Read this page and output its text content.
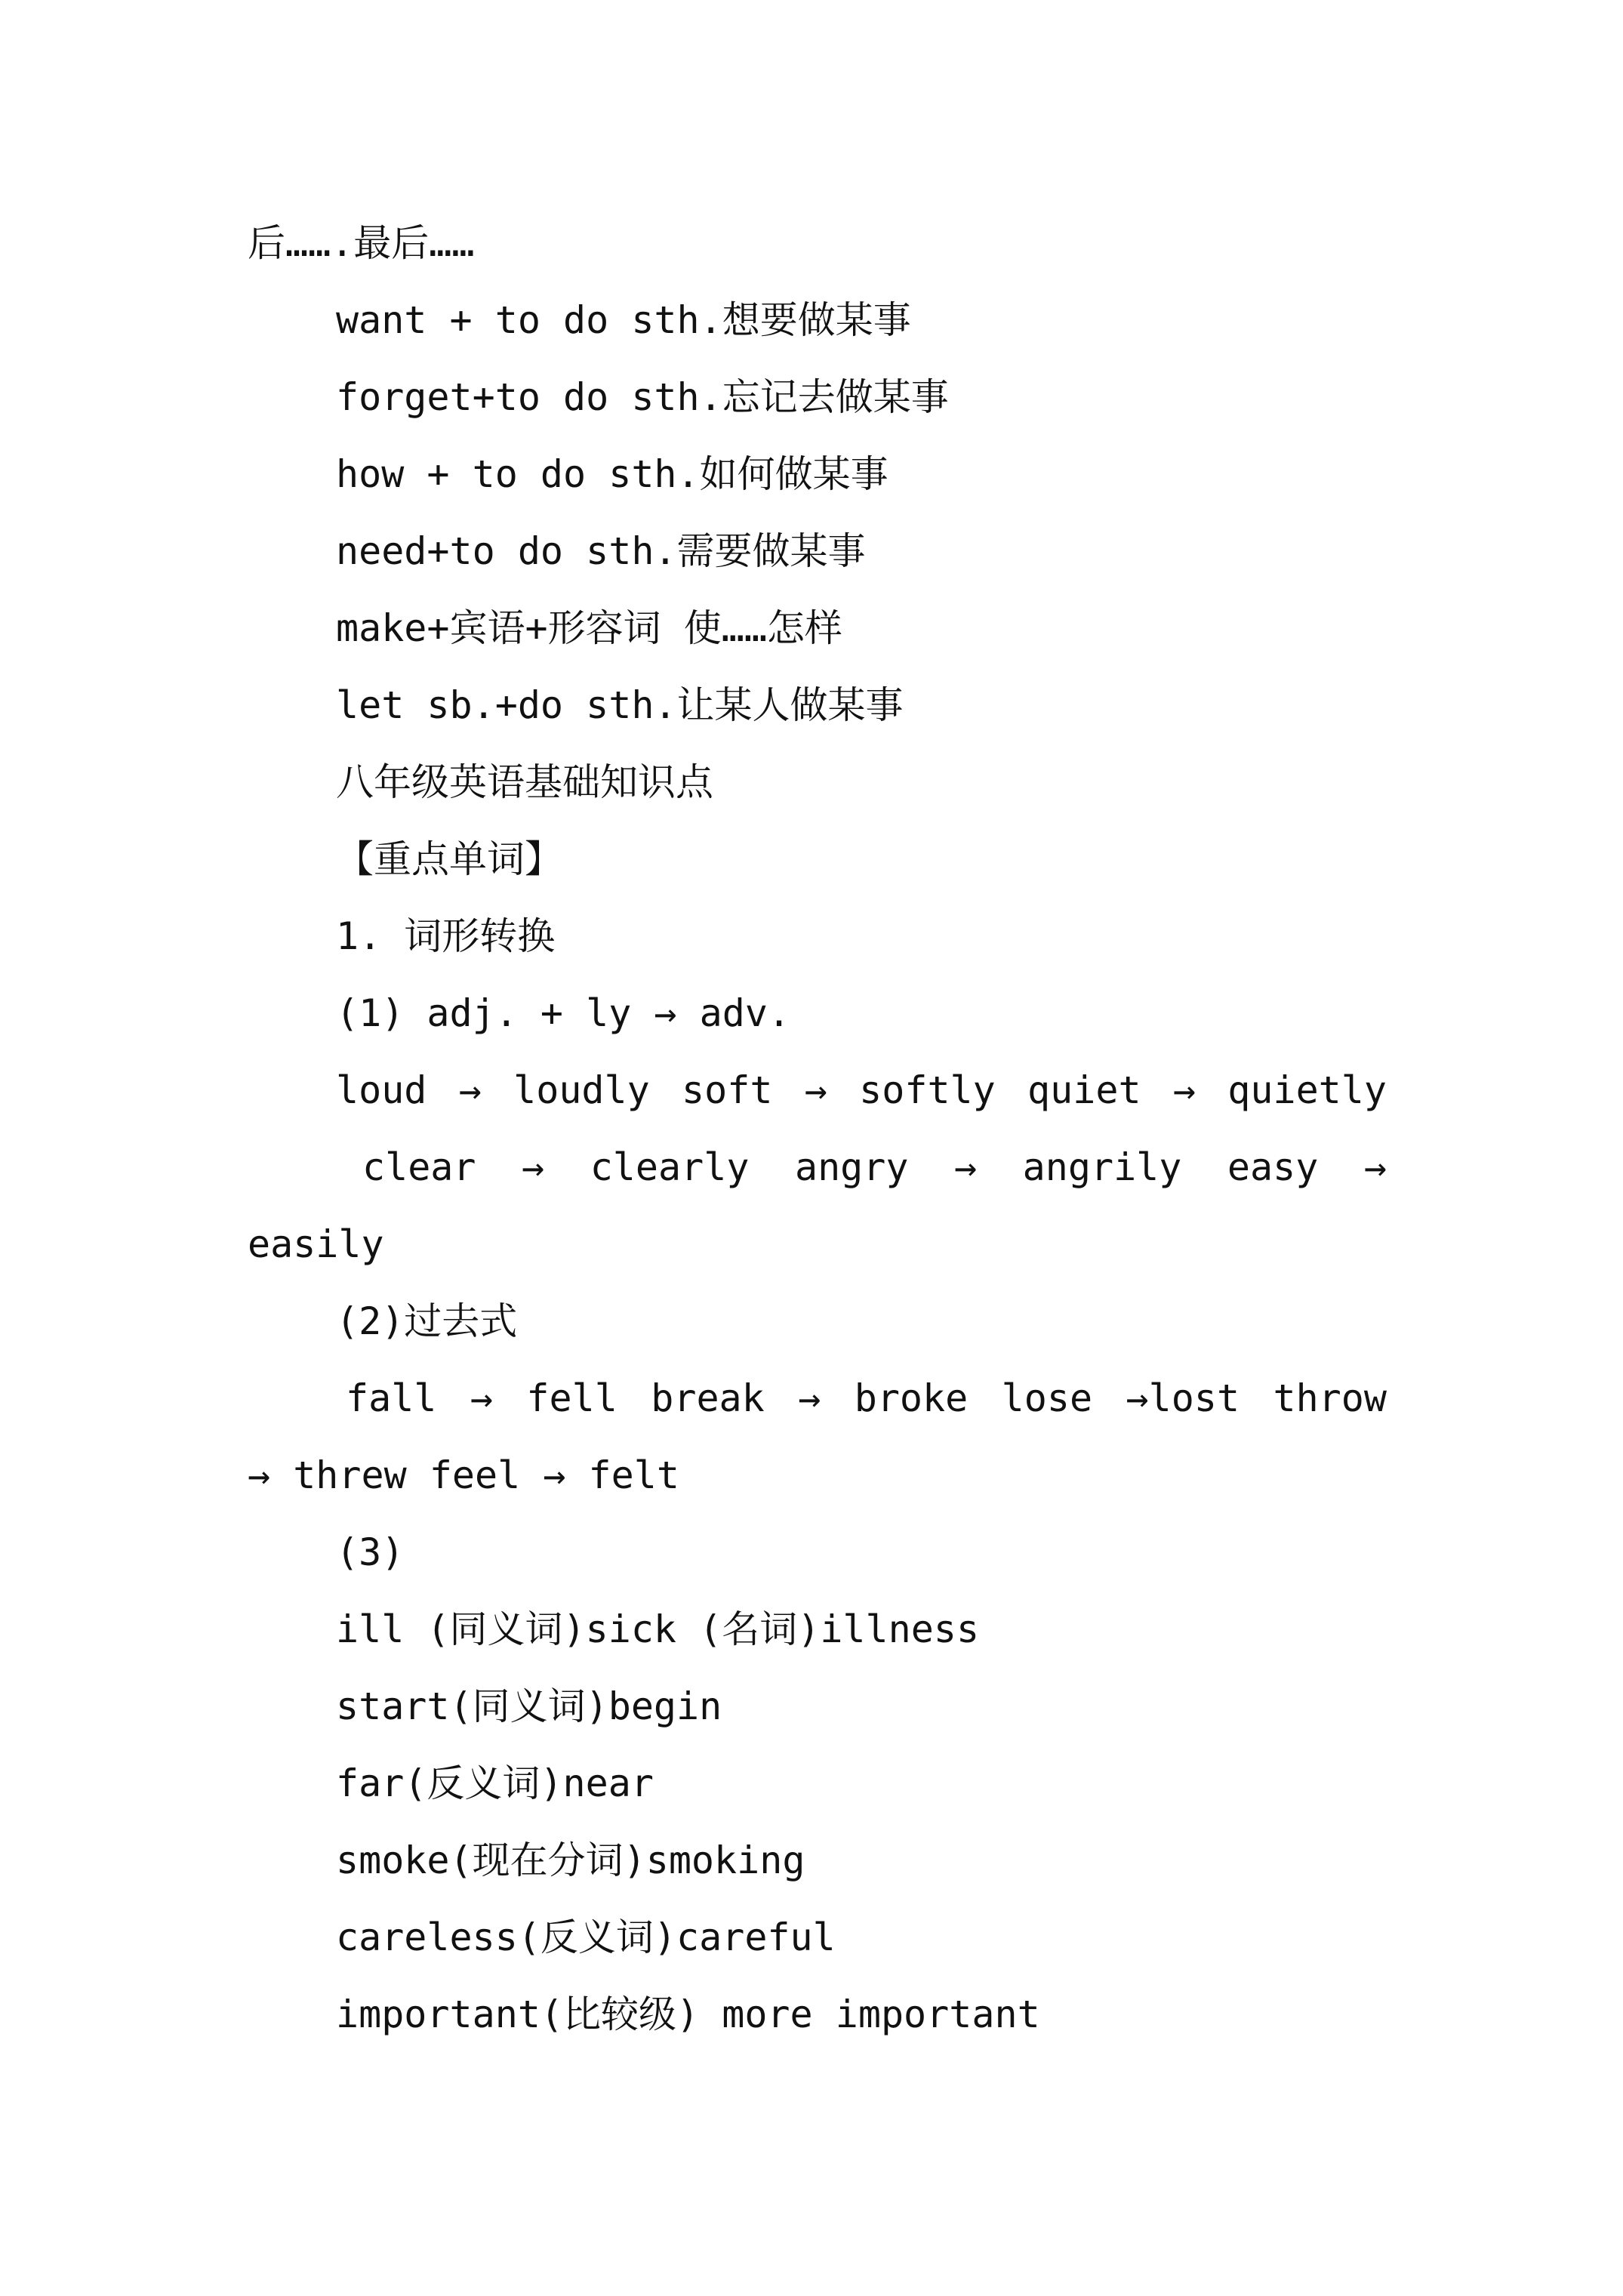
后…….最后……
want + to do sth.想要做某事
forget+to do sth.忘记去做某事
how + to do sth.如何做某事
need+to do sth.需要做某事
make+宾语+形容词 使……怎样
let sb.+do sth.让某人做某事
八年级英语基础知识点
【重点单词】
1. 词形转换
(1) adj. + ly → adv.
loud → loudly soft → softly quiet → quietly
clear → clearly angry → angrily easy →
easily
(2)过去式
fall → fell break → broke lose →lost throw
→ threw feel → felt
(3)
ill (同义词)sick (名词)illness
start(同义词)begin
far(反义词)near
smoke(现在分词)smoking
careless(反义词)careful
important(比较级) more important
